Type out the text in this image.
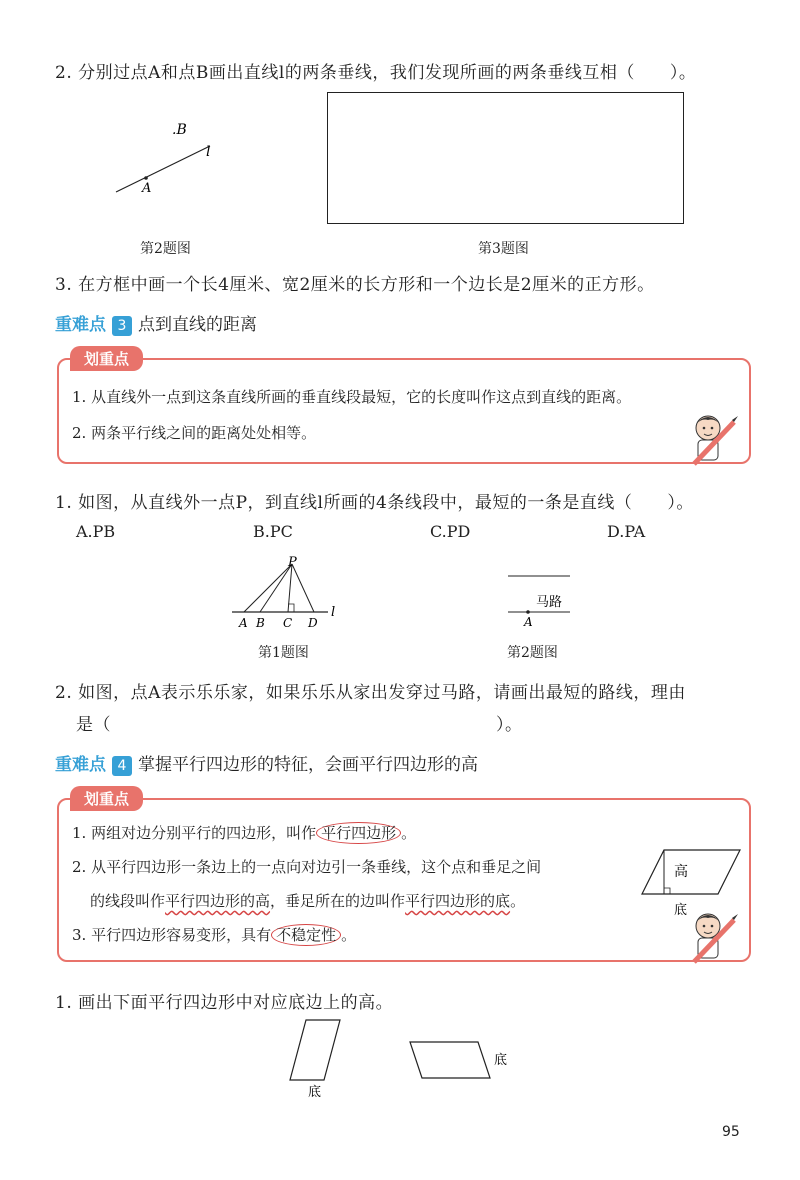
2. 分别过点A和点B画出直线l的两条垂线，我们发现所画的两条垂线互相（　　）。
.B
l
A
第2题图	第3题图
3. 在方框中画一个长4厘米、宽2厘米的长方形和一个边长是2厘米的正方形。
重难点 3 点到直线的距离
划重点
1. 从直线外一点到这条直线所画的垂直线段最短，它的长度叫作这点到直线的距离。
2. 两条平行线之间的距离处处相等。
1. 如图，从直线外一点P，到直线l所画的4条线段中，最短的一条是直线（　　）。
A.PB	B.PC	C.PD	D.PA
P
A B C D
l
马路
A
第1题图	第2题图
2. 如图，点A表示乐乐家，如果乐乐从家出发穿过马路，请画出最短的路线，理由
是（　　　　　　　　　　　　　　　　　　　　　　）。
重难点 4 掌握平行四边形的特征，会画平行四边形的高
划重点
1. 两组对边分别平行的四边形，叫作 平行四边形 。
2. 从平行四边形一条边上的一点向对边引一条垂线，这个点和垂足之间
的线段叫作平行四边形的高，垂足所在的边叫作平行四边形的底。
3. 平行四边形容易变形，具有 不稳定性 。
高
底
1. 画出下面平行四边形中对应底边上的高。
底
底
95
